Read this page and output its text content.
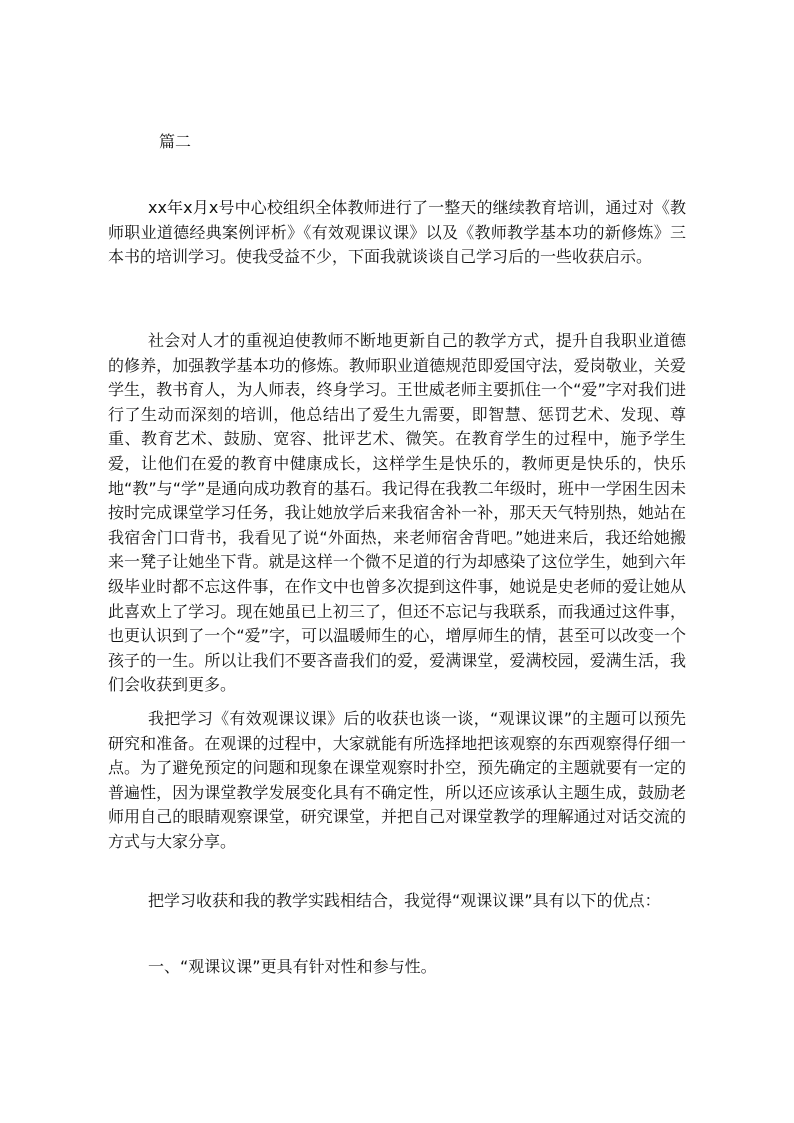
篇二

xx年x月x号中心校组织全体教师进行了一整天的继续教育培训，通过对《教师职业道德经典案例评析》《有效观课议课》以及《教师教学基本功的新修炼》三本书的培训学习。使我受益不少，下面我就谈谈自己学习后的一些收获启示。

社会对人才的重视迫使教师不断地更新自己的教学方式，提升自我职业道德的修养，加强教学基本功的修炼。教师职业道德规范即爱国守法，爱岗敬业，关爱学生，教书育人，为人师表，终身学习。王世威老师主要抓住一个“爱”字对我们进行了生动而深刻的培训，他总结出了爱生九需要，即智慧、惩罚艺术、发现、尊重、教育艺术、鼓励、宽容、批评艺术、微笑。在教育学生的过程中，施予学生爱，让他们在爱的教育中健康成长，这样学生是快乐的，教师更是快乐的，快乐地“教”与“学”是通向成功教育的基石。我记得在我教二年级时，班中一学困生因未按时完成课堂学习任务，我让她放学后来我宿舍补一补，那天天气特别热，她站在我宿舍门口背书，我看见了说“外面热，来老师宿舍背吧。”她进来后，我还给她搬来一凳子让她坐下背。就是这样一个微不足道的行为却感染了这位学生，她到六年级毕业时都不忘这件事，在作文中也曾多次提到这件事，她说是史老师的爱让她从此喜欢上了学习。现在她虽已上初三了，但还不忘记与我联系，而我通过这件事，也更认识到了一个“爱”字，可以温暖师生的心，增厚师生的情，甚至可以改变一个孩子的一生。所以让我们不要吝啬我们的爱，爱满课堂，爱满校园，爱满生活，我们会收获到更多。

我把学习《有效观课议课》后的收获也谈一谈，“观课议课”的主题可以预先研究和准备。在观课的过程中，大家就能有所选择地把该观察的东西观察得仔细一点。为了避免预定的问题和现象在课堂观察时扑空，预先确定的主题就要有一定的普遍性，因为课堂教学发展变化具有不确定性，所以还应该承认主题生成，鼓励老师用自己的眼睛观察课堂，研究课堂，并把自己对课堂教学的理解通过对话交流的方式与大家分享。

把学习收获和我的教学实践相结合，我觉得“观课议课”具有以下的优点：

一、“观课议课”更具有针对性和参与性。
